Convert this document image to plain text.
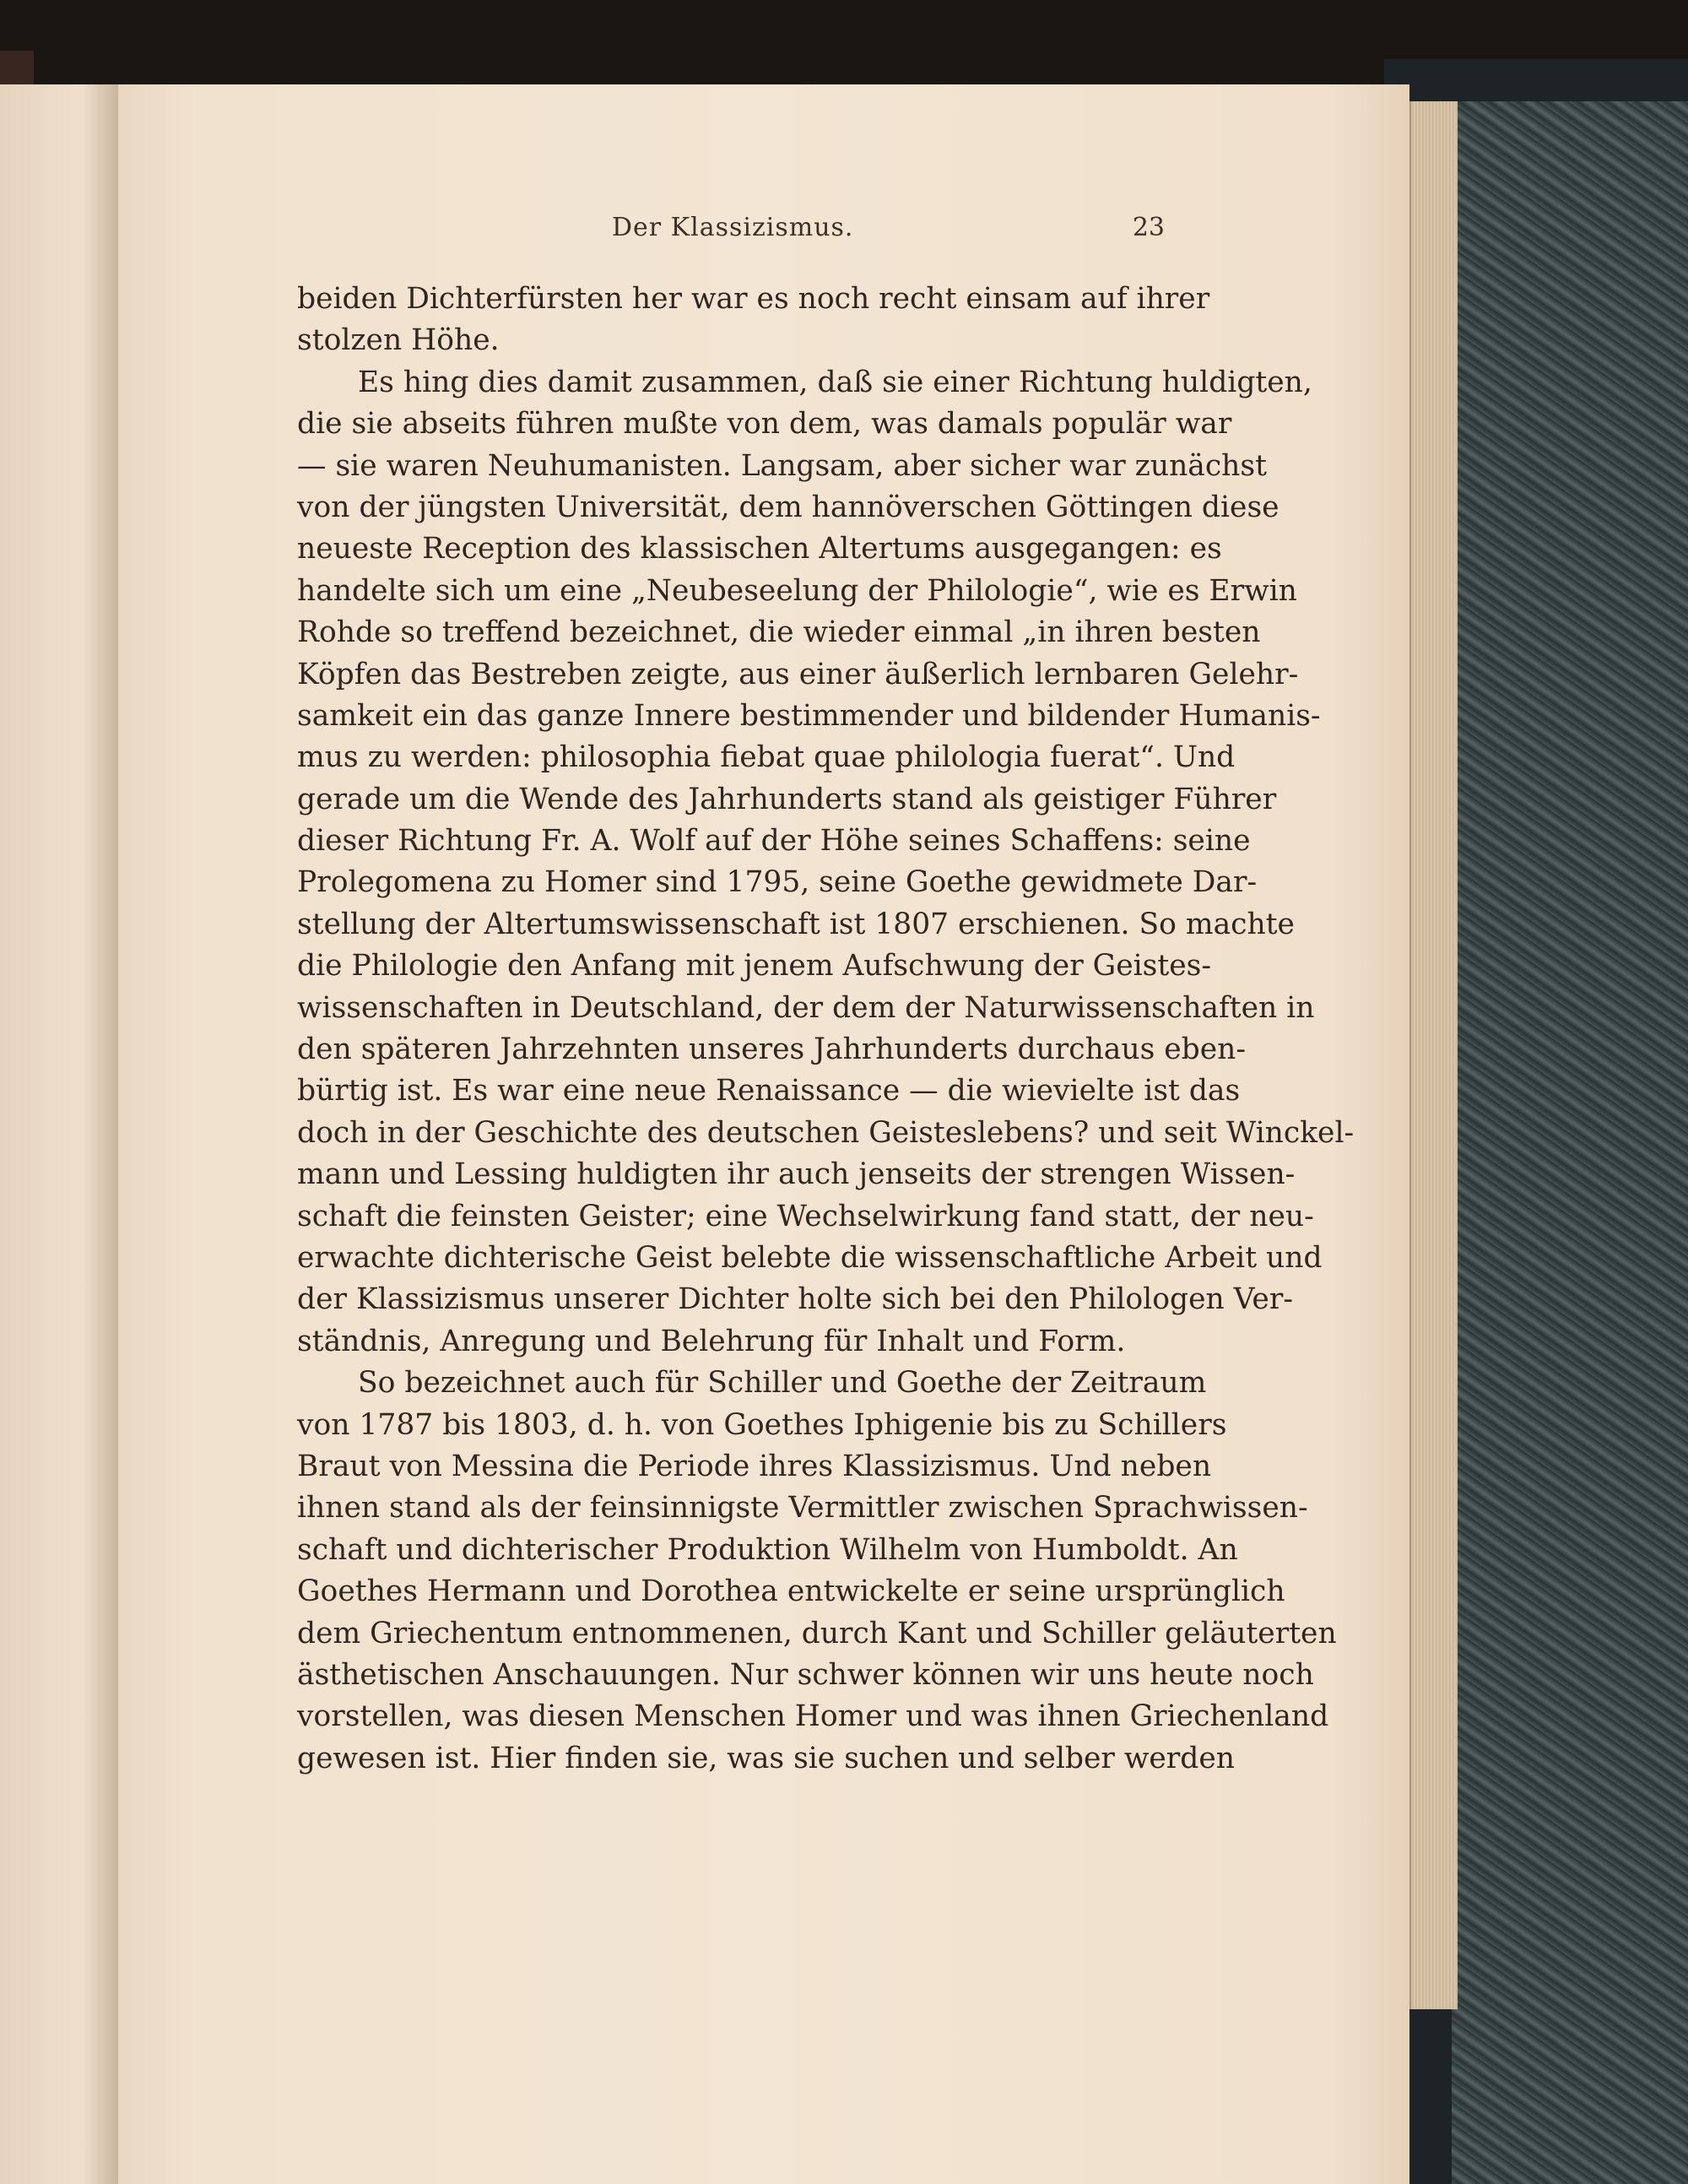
Der Klassizismus.	23
beiden Dichterfürsten her war es noch recht einsam auf ihrer
stolzen Höhe.
Es hing dies damit zusammen, daß sie einer Richtung huldigten,
die sie abseits führen mußte von dem, was damals populär war
— sie waren Neuhumanisten. Langsam, aber sicher war zunächst
von der jüngsten Universität, dem hannöverschen Göttingen diese
neueste Reception des klassischen Altertums ausgegangen: es
handelte sich um eine „Neubeseelung der Philologie“, wie es Erwin
Rohde so treffend bezeichnet, die wieder einmal „in ihren besten
Köpfen das Bestreben zeigte, aus einer äußerlich lernbaren Gelehr-
samkeit ein das ganze Innere bestimmender und bildender Humanis-
mus zu werden: philosophia fiebat quae philologia fuerat“. Und
gerade um die Wende des Jahrhunderts stand als geistiger Führer
dieser Richtung Fr. A. Wolf auf der Höhe seines Schaffens: seine
Prolegomena zu Homer sind 1795, seine Goethe gewidmete Dar-
stellung der Altertumswissenschaft ist 1807 erschienen. So machte
die Philologie den Anfang mit jenem Aufschwung der Geistes-
wissenschaften in Deutschland, der dem der Naturwissenschaften in
den späteren Jahrzehnten unseres Jahrhunderts durchaus eben-
bürtig ist. Es war eine neue Renaissance — die wievielte ist das
doch in der Geschichte des deutschen Geisteslebens? und seit Winckel-
mann und Lessing huldigten ihr auch jenseits der strengen Wissen-
schaft die feinsten Geister; eine Wechselwirkung fand statt, der neu-
erwachte dichterische Geist belebte die wissenschaftliche Arbeit und
der Klassizismus unserer Dichter holte sich bei den Philologen Ver-
ständnis, Anregung und Belehrung für Inhalt und Form.
So bezeichnet auch für Schiller und Goethe der Zeitraum
von 1787 bis 1803, d. h. von Goethes Iphigenie bis zu Schillers
Braut von Messina die Periode ihres Klassizismus. Und neben
ihnen stand als der feinsinnigste Vermittler zwischen Sprachwissen-
schaft und dichterischer Produktion Wilhelm von Humboldt. An
Goethes Hermann und Dorothea entwickelte er seine ursprünglich
dem Griechentum entnommenen, durch Kant und Schiller geläuterten
ästhetischen Anschauungen. Nur schwer können wir uns heute noch
vorstellen, was diesen Menschen Homer und was ihnen Griechenland
gewesen ist. Hier finden sie, was sie suchen und selber werden
